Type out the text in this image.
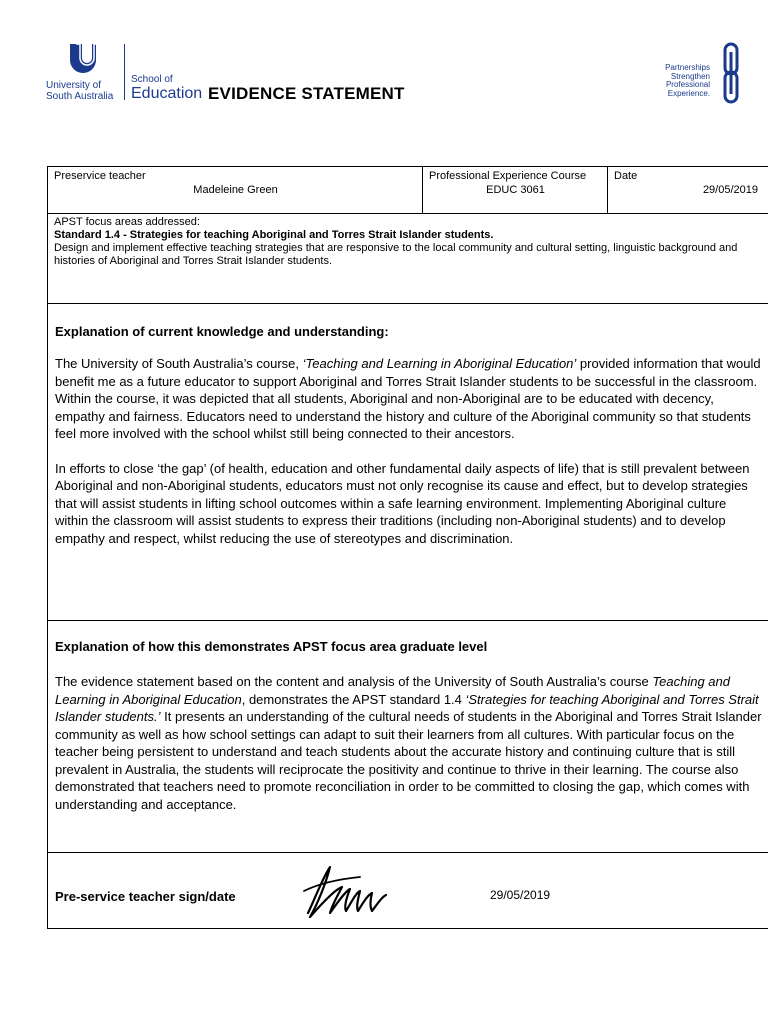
University of
South Australia
School of
Education EVIDENCE STATEMENT
Partnerships
Strengthen
Professional
Experience.
Preservice teacher
Madeleine Green
Professional Experience Course
EDUC 3061
Date
29/05/2019

APST focus areas addressed:

Standard 1.4 - Strategies for teaching Aboriginal and Torres Strait Islander students.

Design and implement effective teaching strategies that are responsive to the local community and cultural setting, linguistic background and histories of Aboriginal and Torres Strait Islander students.

Explanation of current knowledge and understanding:

The University of South Australia’s course, ‘Teaching and Learning in Aboriginal Education’ provided information that would benefit me as a future educator to support Aboriginal and Torres Strait Islander students to be successful in the classroom. Within the course, it was depicted that all students, Aboriginal and non-Aboriginal are to be educated with decency, empathy and fairness. Educators need to understand the history and culture of the Aboriginal community so that students feel more involved with the school whilst still being connected to their ancestors.

In efforts to close ‘the gap’ (of health, education and other fundamental daily aspects of life) that is still prevalent between Aboriginal and non-Aboriginal students, educators must not only recognise its cause and effect, but to develop strategies that will assist students in lifting school outcomes within a safe learning environment. Implementing Aboriginal culture within the classroom will assist students to express their traditions (including non-Aboriginal students) and to develop empathy and respect, whilst reducing the use of stereotypes and discrimination.

Explanation of how this demonstrates APST focus area graduate level

The evidence statement based on the content and analysis of the University of South Australia’s course Teaching and Learning in Aboriginal Education, demonstrates the APST standard 1.4 ‘Strategies for teaching Aboriginal and Torres Strait Islander students.’ It presents an understanding of the cultural needs of students in the Aboriginal and Torres Strait Islander community as well as how school settings can adapt to suit their learners from all cultures. With particular focus on the teacher being persistent to understand and teach students about the accurate history and continuing culture that is still prevalent in Australia, the students will reciprocate the positivity and continue to thrive in their learning. The course also demonstrated that teachers need to promote reconciliation in order to be committed to closing the gap, which comes with understanding and acceptance.

Pre-service teacher sign/date	29/05/2019
